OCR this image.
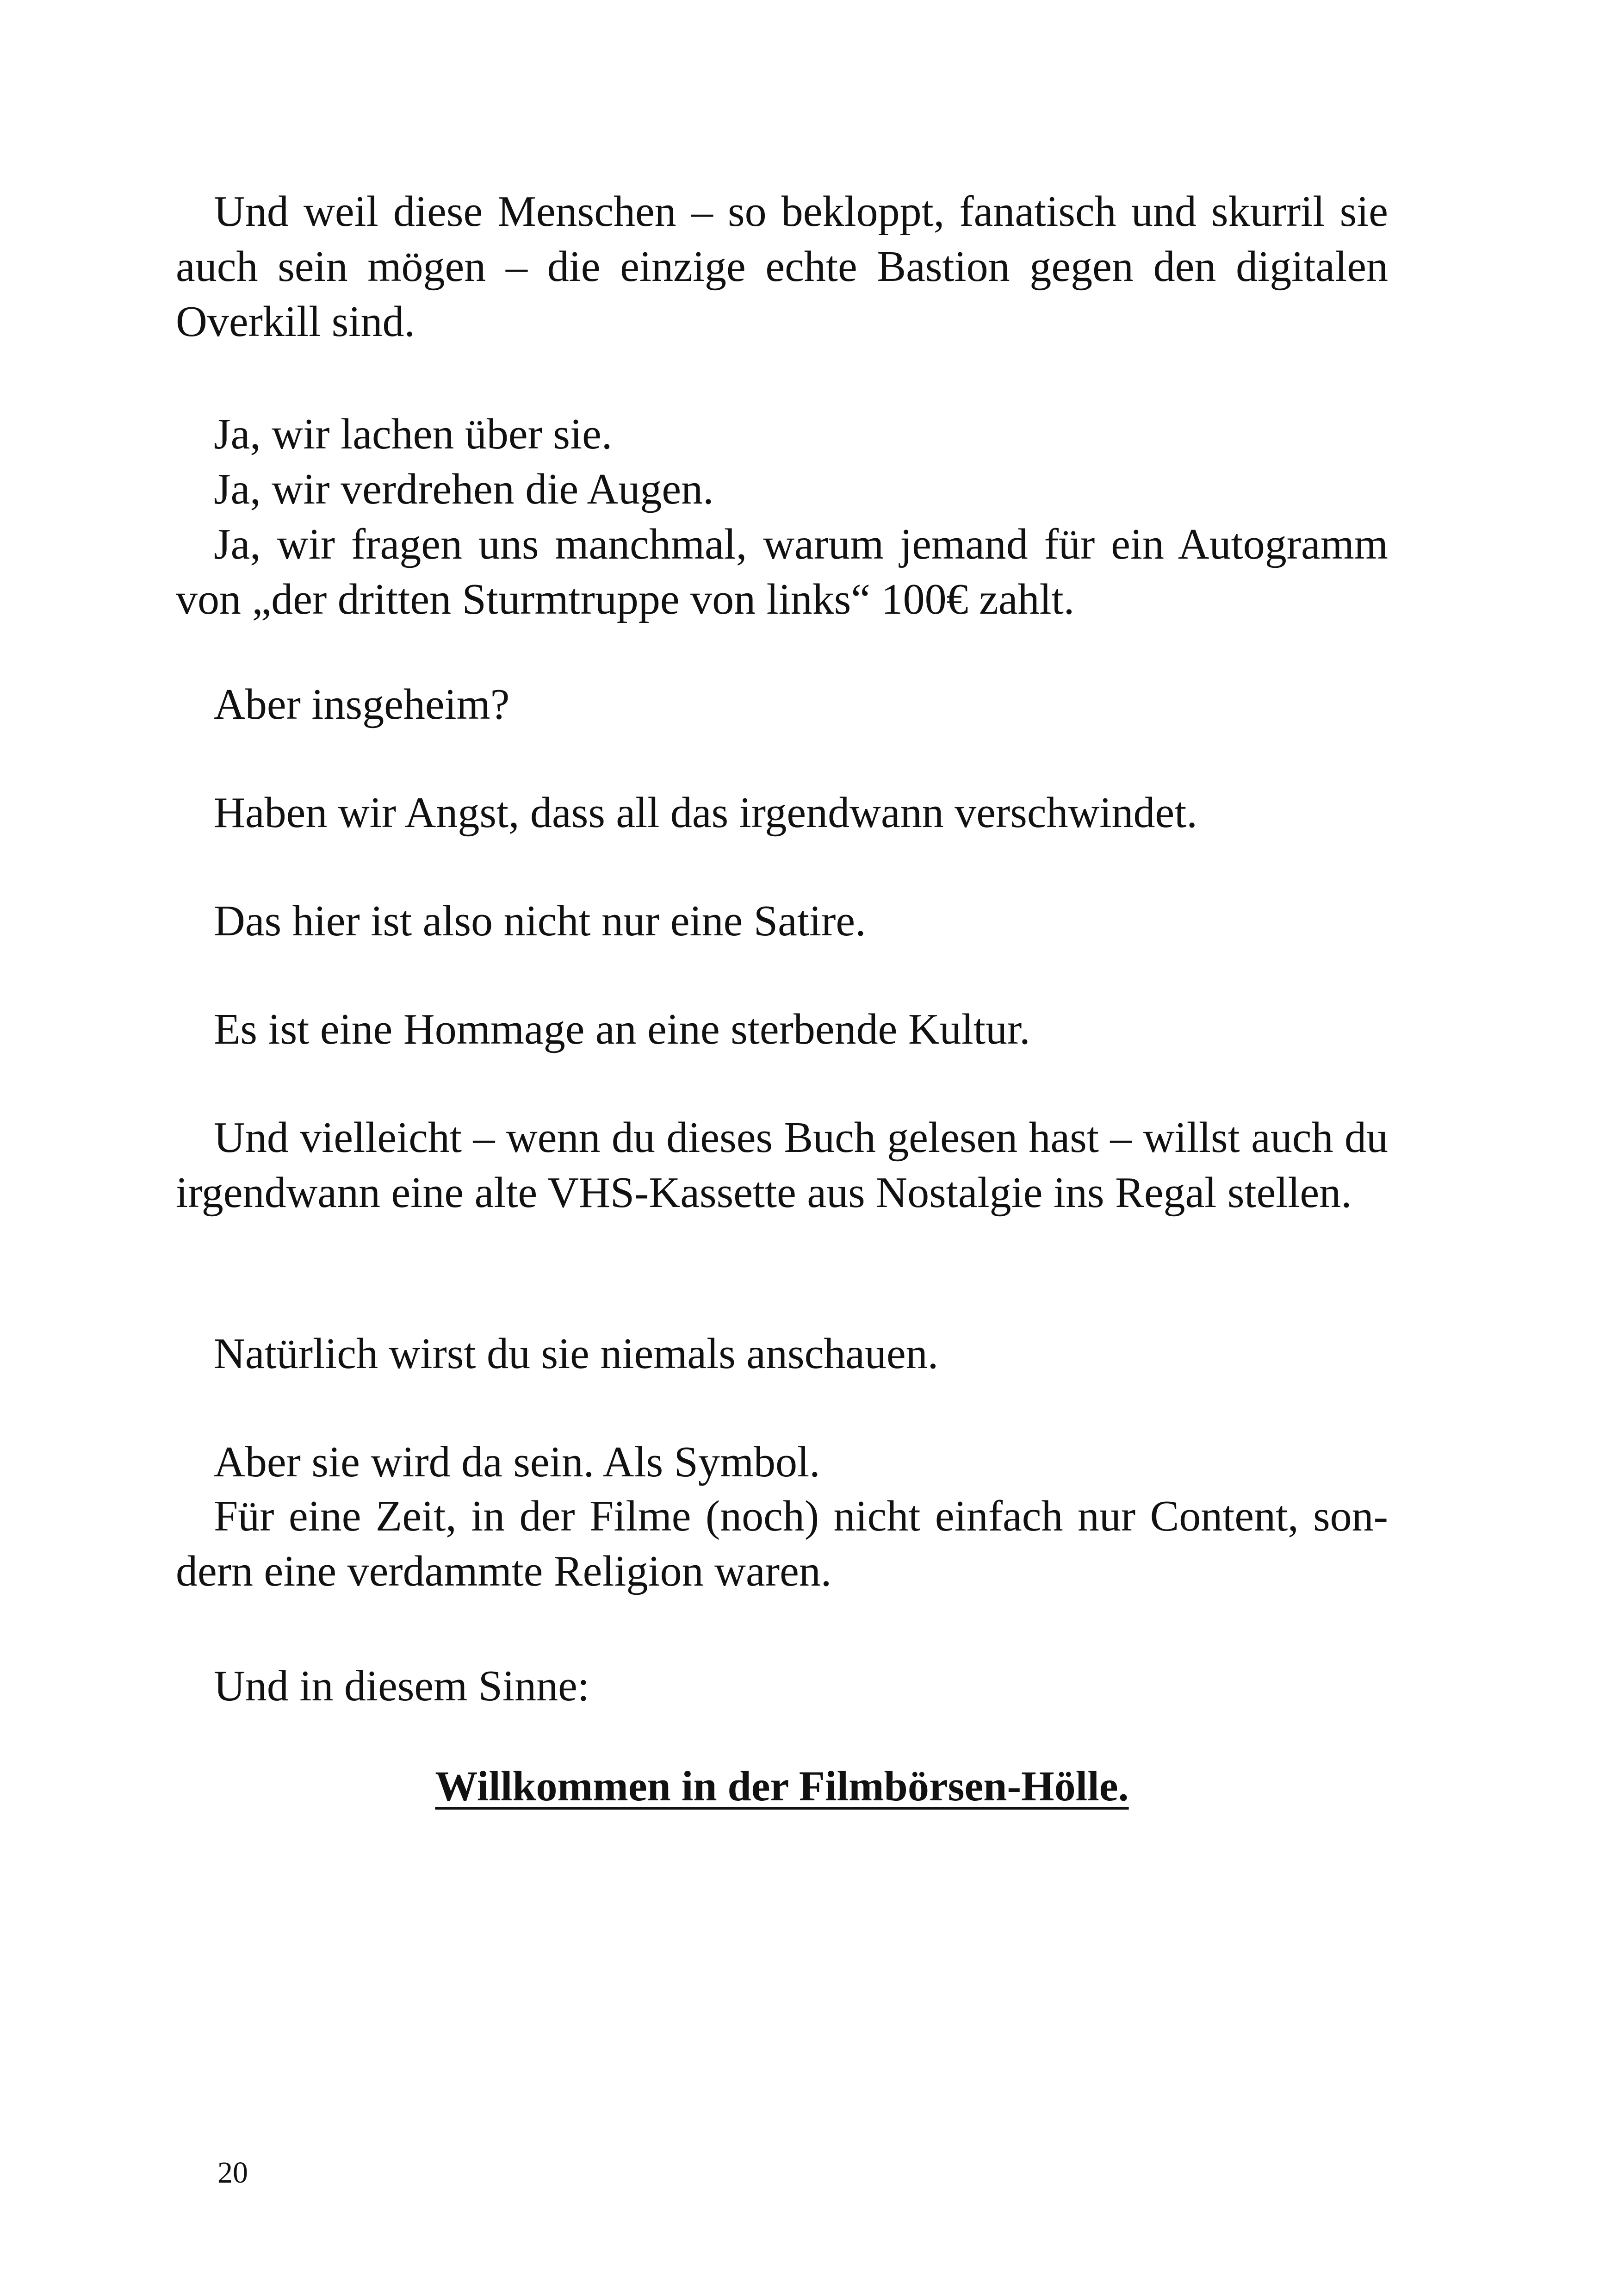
Und weil diese Menschen – so bekloppt, fanatisch und skurril sie
auch sein mögen – die einzige echte Bastion gegen den digitalen
Overkill sind.

Ja, wir lachen über sie.
Ja, wir verdrehen die Augen.
Ja, wir fragen uns manchmal, warum jemand für ein Autogramm
von „der dritten Sturmtruppe von links“ 100€ zahlt.

Aber insgeheim?

Haben wir Angst, dass all das irgendwann verschwindet.

Das hier ist also nicht nur eine Satire.

Es ist eine Hommage an eine sterbende Kultur.

Und vielleicht – wenn du dieses Buch gelesen hast – willst auch du
irgendwann eine alte VHS-Kassette aus Nostalgie ins Regal stellen.

Natürlich wirst du sie niemals anschauen.

Aber sie wird da sein. Als Symbol.

Für eine Zeit, in der Filme (noch) nicht einfach nur Content, son-
dern eine verdammte Religion waren.

Und in diesem Sinne:

Willkommen in der Filmbörsen-Hölle.
20
